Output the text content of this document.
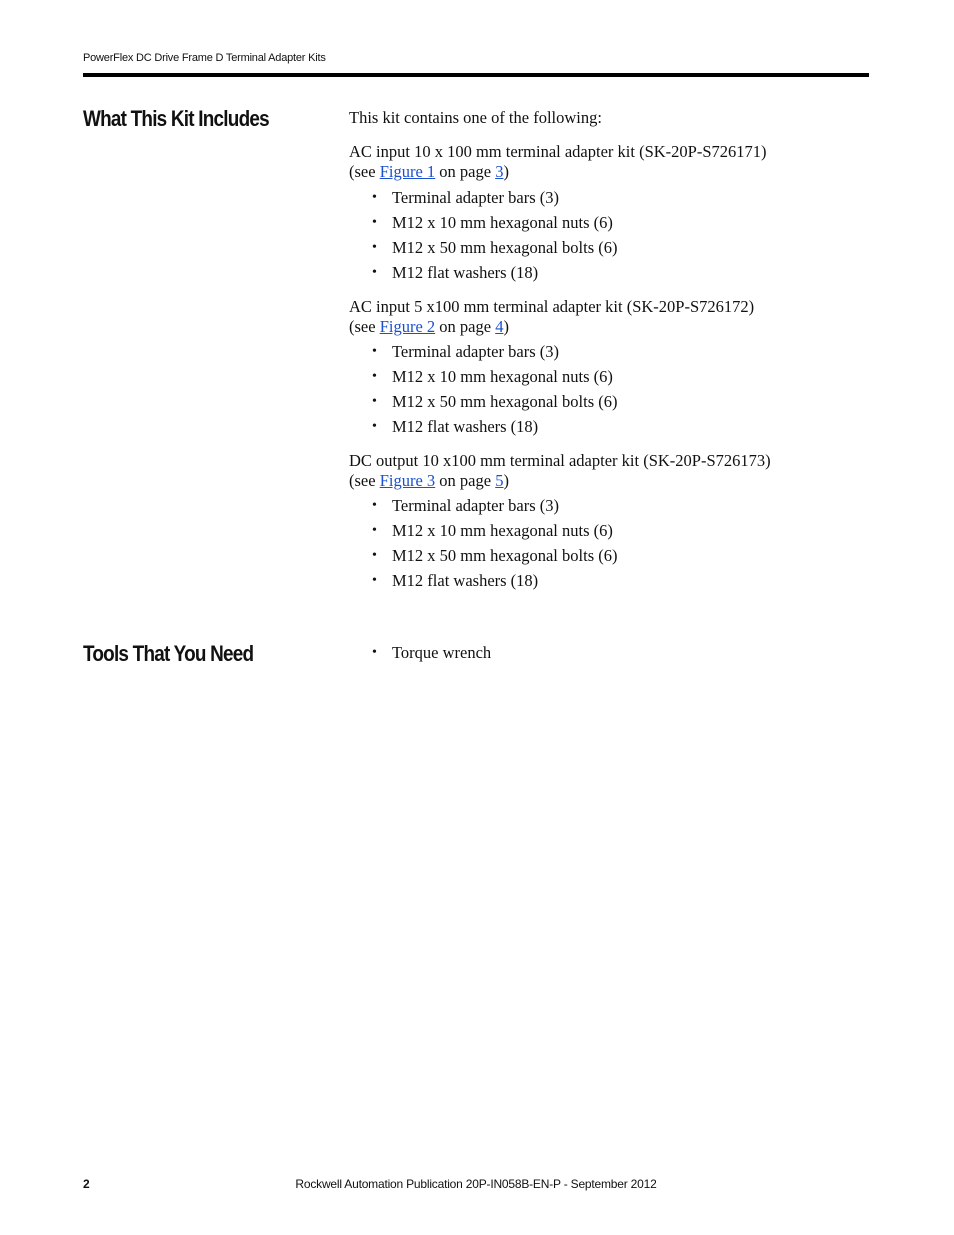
PowerFlex DC Drive Frame D Terminal Adapter Kits
What This Kit Includes	This kit contains one of the following:
AC input 10 x 100 mm terminal adapter kit (SK-20P-S726171)
(see Figure 1 on page 3)
• Terminal adapter bars (3)
• M12 x 10 mm hexagonal nuts (6)
• M12 x 50 mm hexagonal bolts (6)
• M12 flat washers (18)
AC input 5 x100 mm terminal adapter kit (SK-20P-S726172)
(see Figure 2 on page 4)
• Terminal adapter bars (3)
• M12 x 10 mm hexagonal nuts (6)
• M12 x 50 mm hexagonal bolts (6)
• M12 flat washers (18)
DC output 10 x100 mm terminal adapter kit (SK-20P-S726173)
(see Figure 3 on page 5)
• Terminal adapter bars (3)
• M12 x 10 mm hexagonal nuts (6)
• M12 x 50 mm hexagonal bolts (6)
• M12 flat washers (18)
Tools That You Need
•	Torque wrench
2	Rockwell Automation Publication 20P-IN058B-EN-P - September 2012
